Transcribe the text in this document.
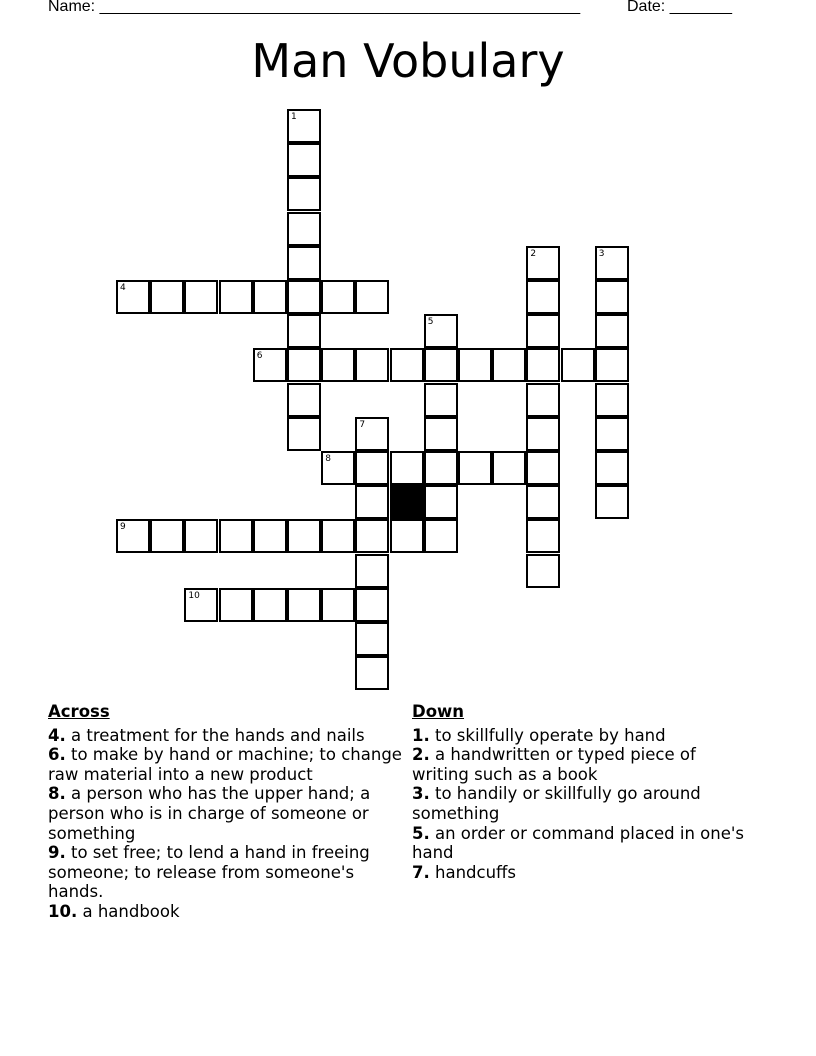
Name: ______________________________________________________	Date: _______
Man Vobulary
1
2	3
4
5
6
7
8
9
10
Across
4. a treatment for the hands and nails
6. to make by hand or machine; to change raw material into a new product
8. a person who has the upper hand; a person who is in charge of someone or something
9. to set free; to lend a hand in freeing someone; to release from someone's hands.
10. a handbook
Down
1. to skillfully operate by hand
2. a handwritten or typed piece of writing such as a book
3. to handily or skillfully go around something
5. an order or command placed in one's hand
7. handcuffs
